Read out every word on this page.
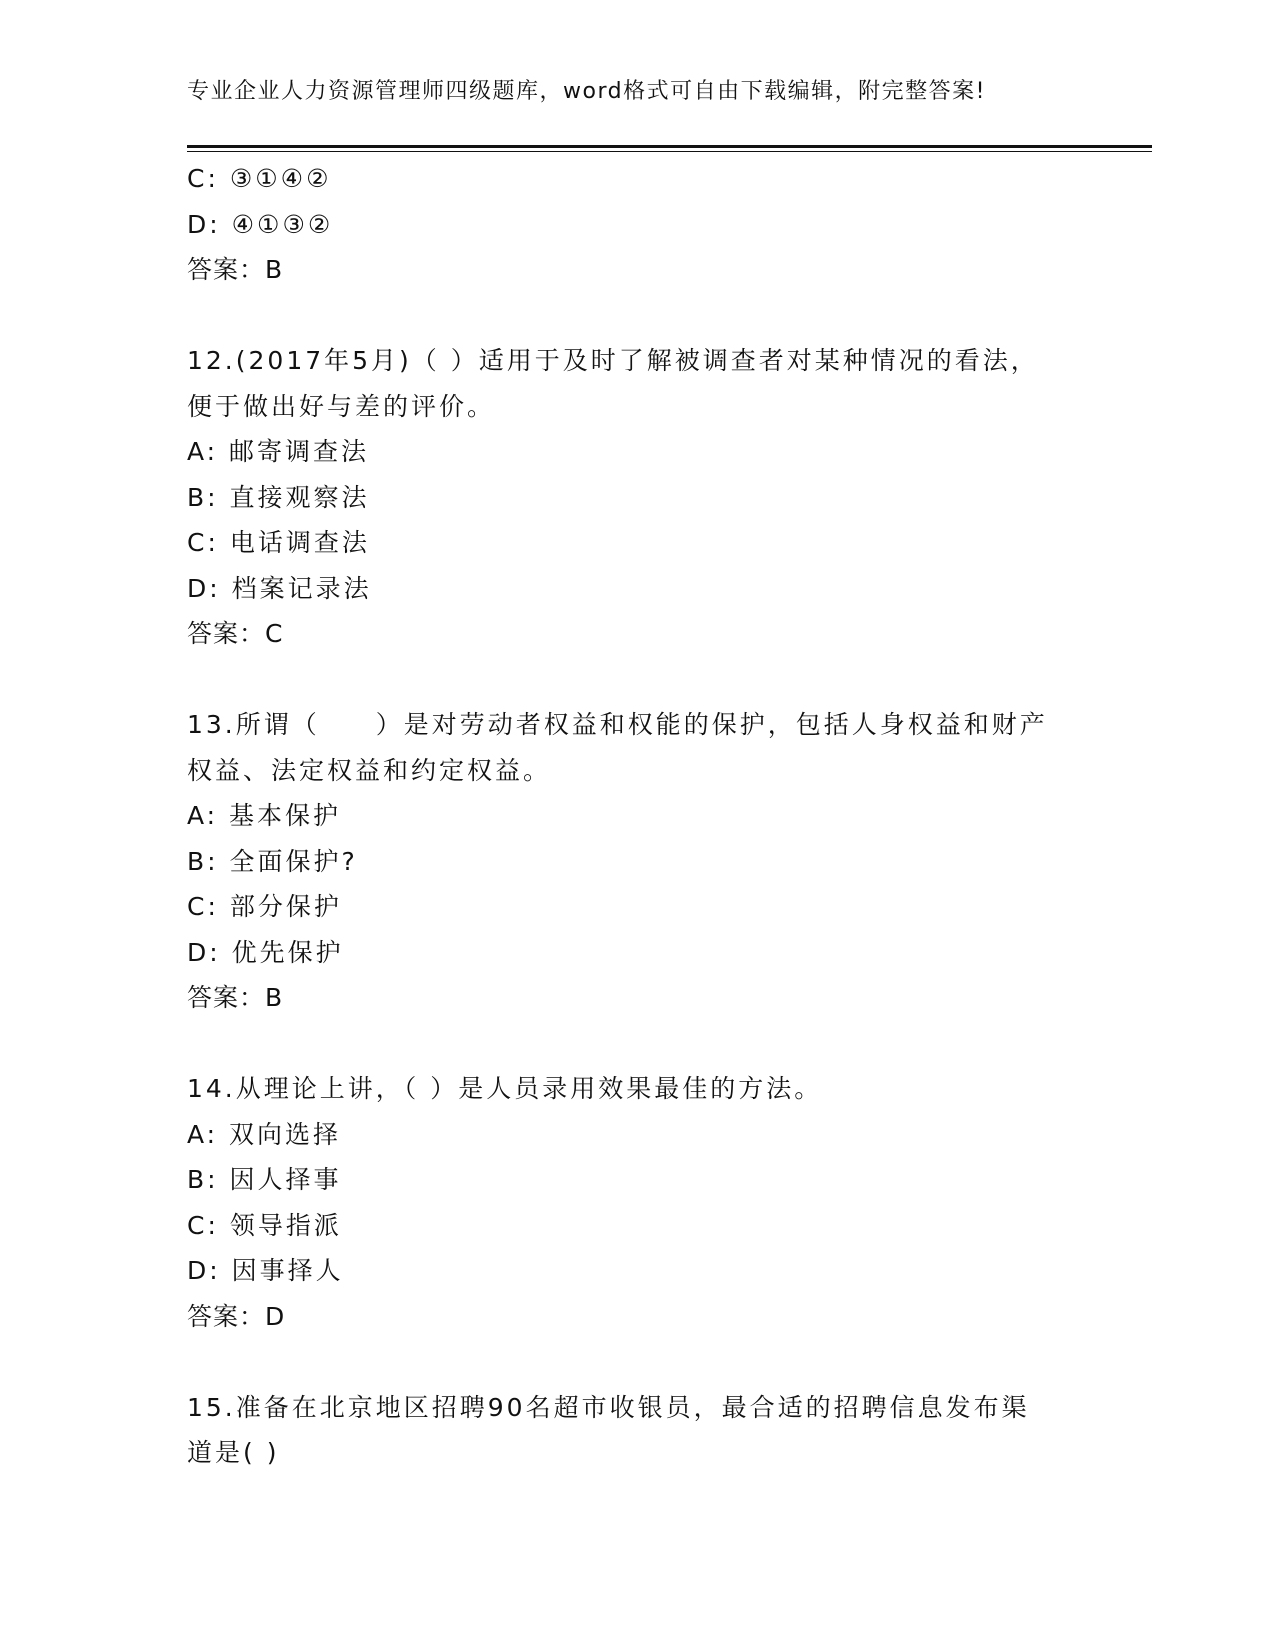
专业企业人力资源管理师四级题库，word格式可自由下载编辑，附完整答案!
C: ③①④②
D: ④①③②
答案：B
12.(2017年5月)（ ）适用于及时了解被调查者对某种情况的看法，
便于做出好与差的评价。
A: 邮寄调查法
B: 直接观察法
C: 电话调查法
D: 档案记录法
答案：C
13.所谓（　　）是对劳动者权益和权能的保护，包括人身权益和财产
权益、法定权益和约定权益。
A: 基本保护
B: 全面保护?
C: 部分保护
D: 优先保护
答案：B
14.从理论上讲，（ ）是人员录用效果最佳的方法。
A: 双向选择
B: 因人择事
C: 领导指派
D: 因事择人
答案：D
15.准备在北京地区招聘90名超市收银员，最合适的招聘信息发布渠
道是( )
